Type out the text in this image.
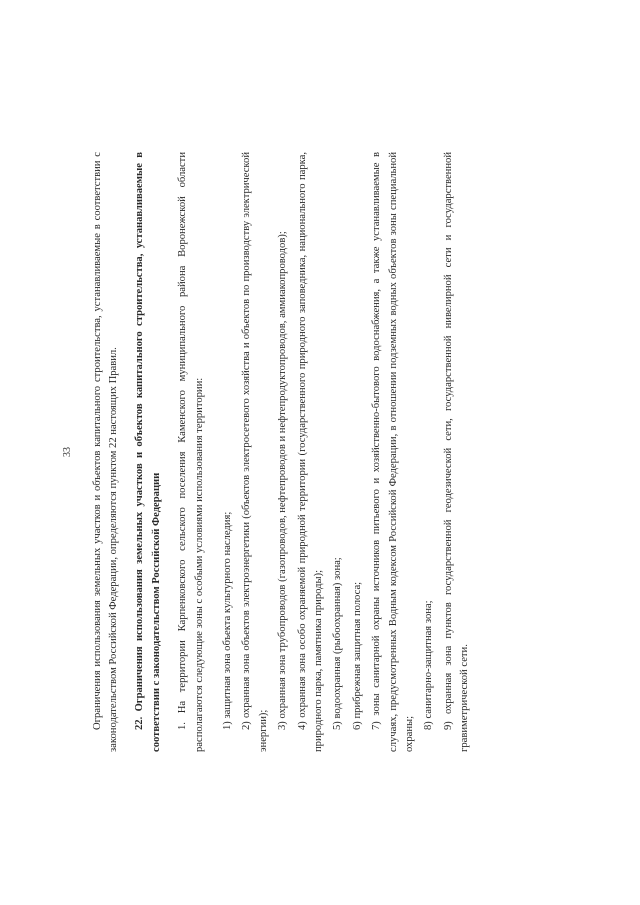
33 Ограничения использования земельных участков и объектов капитального строительства, устанавливаемые в соответствии с законодательством Российской Федерации, определяются пунктом 22 настоящих Правил.	22. Ограничения использования земельных участков и объектов капитального строительства, устанавливаемые в соответствии с законодательством Российской Федерации	1. На территории Карпенковского сельского поселения Каменского муниципального района Воронежской области располагаются следующие зоны с особыми условиями использования территории:	1) защитная зона объекта культурного наследия; 2) охранная зона объектов электроэнергетики (объектов электросетевого хозяйства и объектов по производству электрической энергии);

3) охранная зона трубопроводов (газопроводов, нефтепроводов и нефтепродуктопроводов, аммиакопроводов); 4) охранная зона особо охраняемой природной территории (государственного природного заповедника, национального парка, природного парка, памятника природы); 5) водоохранная (рыбоохранная) зона; 6) прибрежная защитная полоса; 7) зоны санитарной охраны источников питьевого и хозяйственно-бытового водоснабжения, а также устанавливаемые в случаях, предусмотренных Водным кодексом Российской Федерации, в отношении подземных водных объектов зоны специальной охраны;

8) санитарно-защитная зона; 9) охранная зона пунктов государственной геодезической сети, государственной нивелирной сети и государственной гравиметрической сети.
